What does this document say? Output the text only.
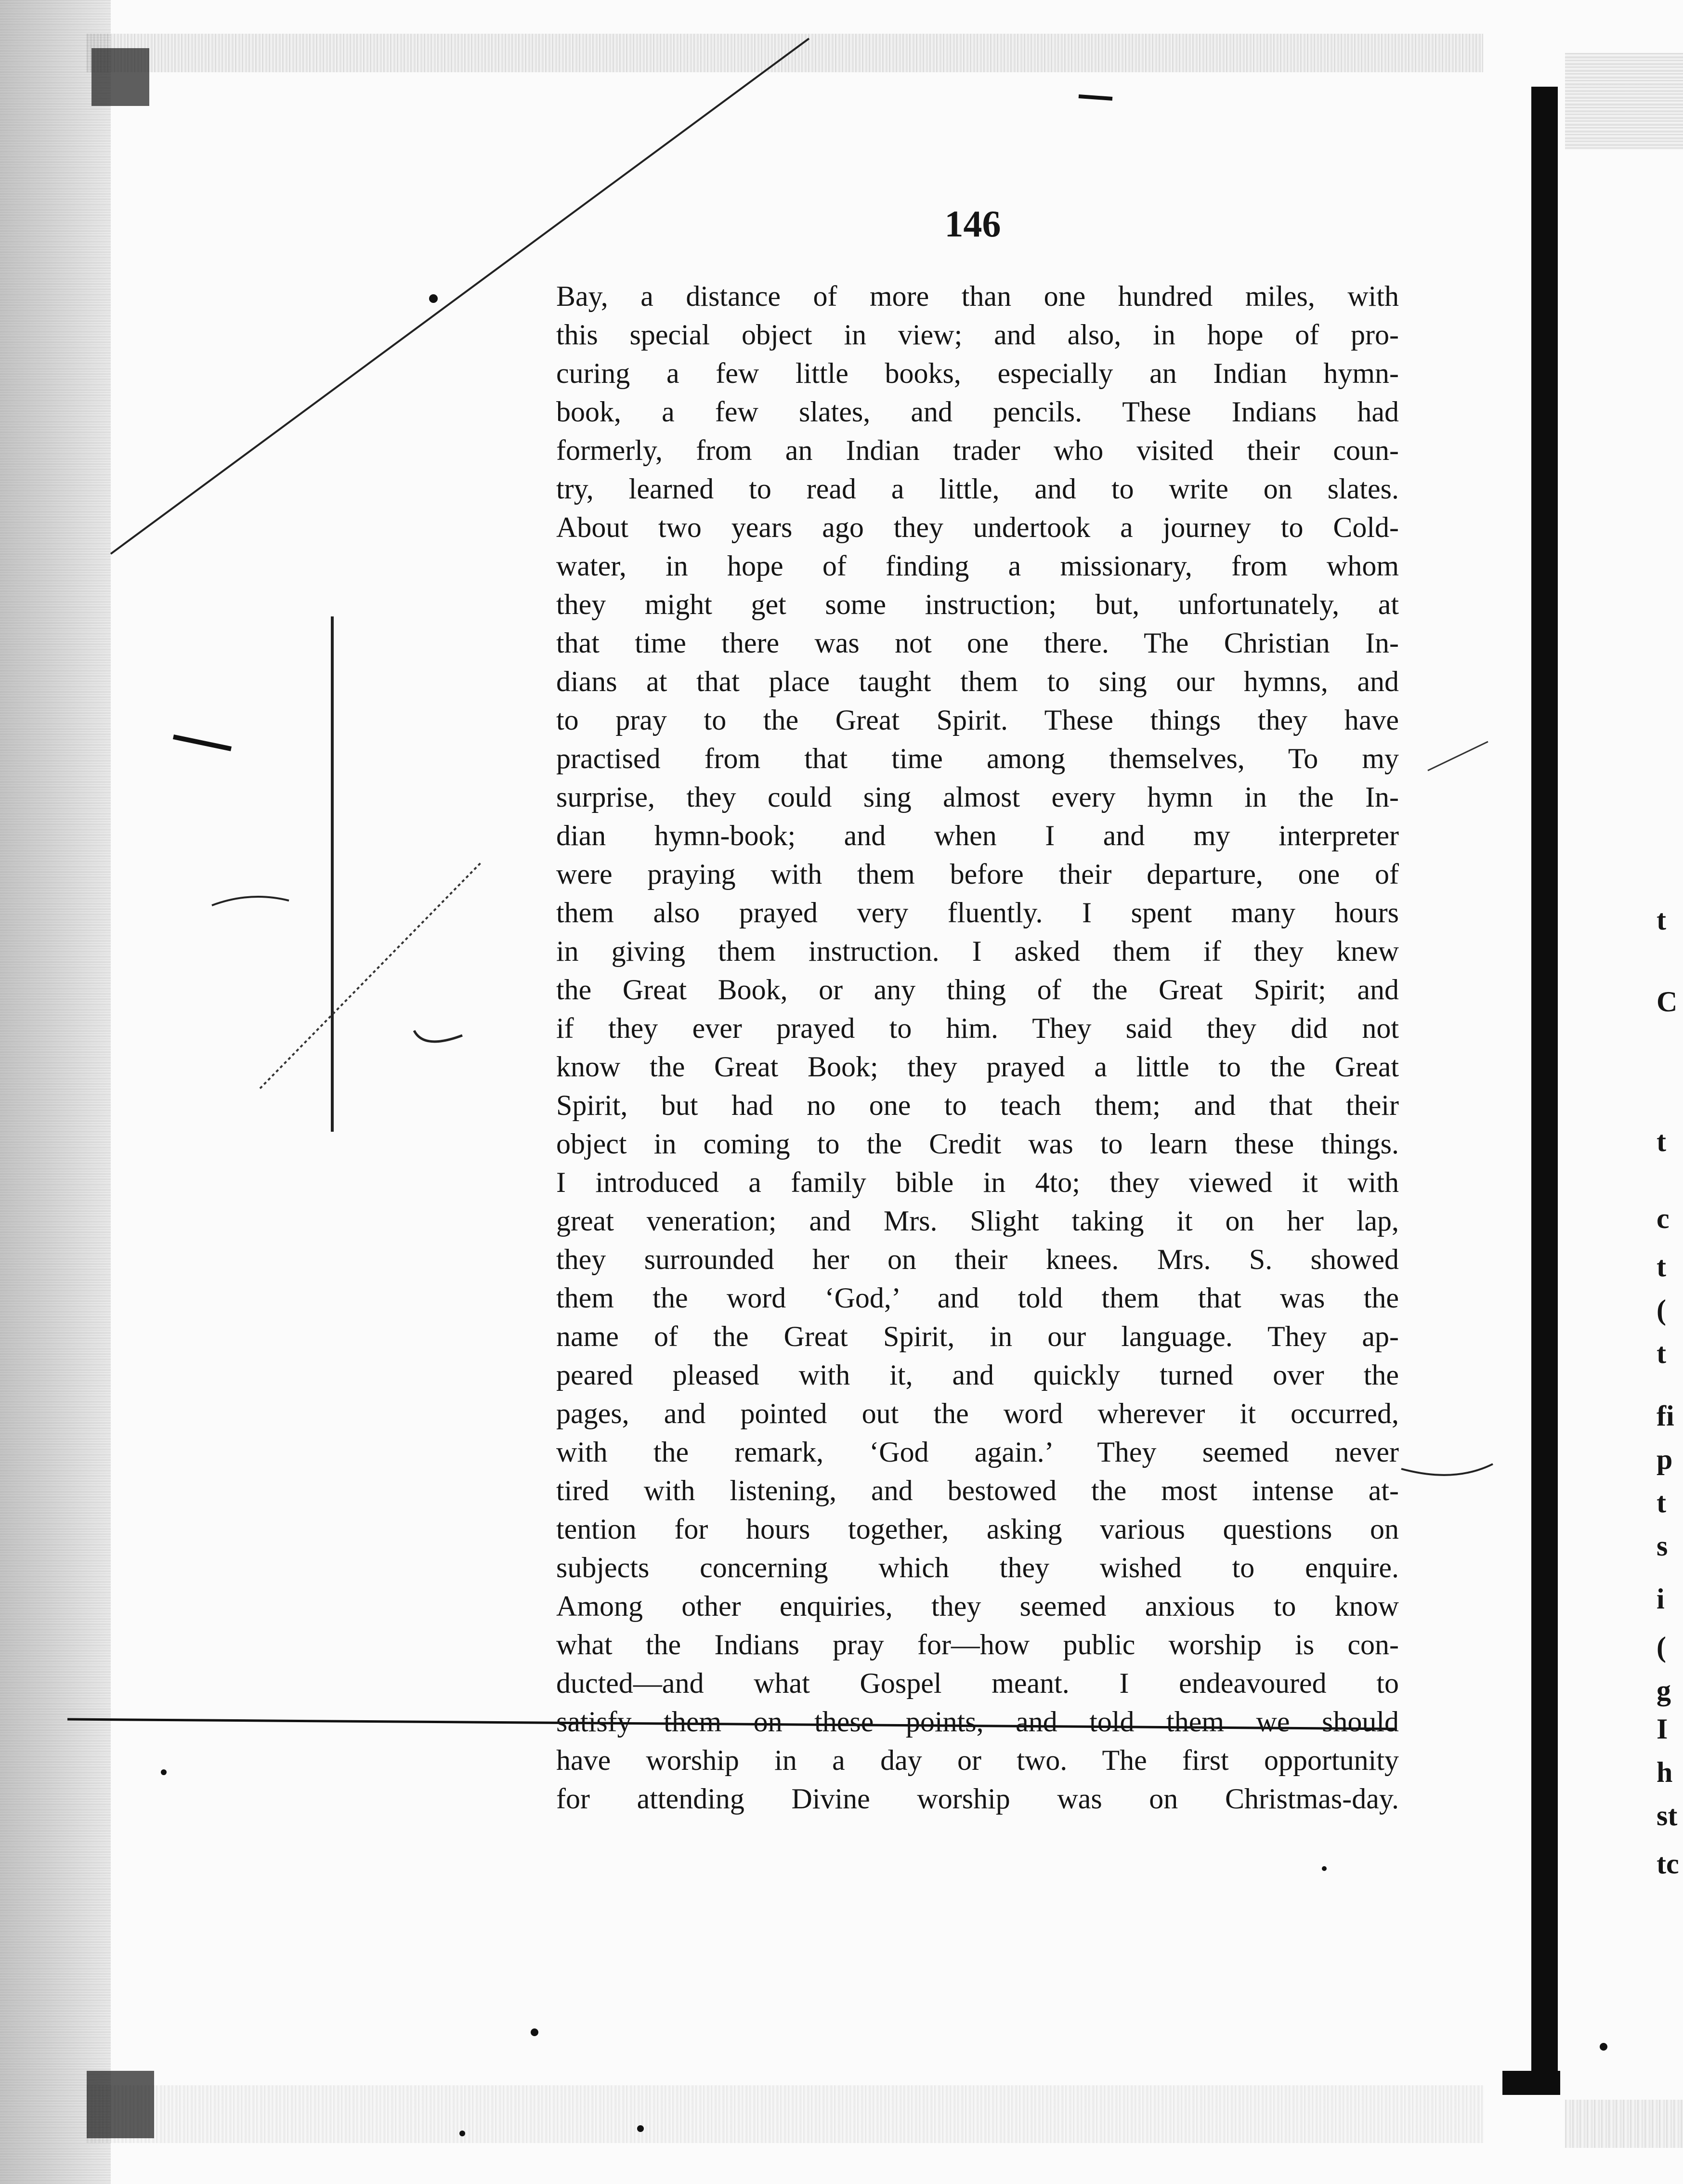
146
Bay, a distance of more than one hundred miles, with
this special object in view; and also, in hope of pro-
curing a few little books, especially an Indian hymn-
book, a few slates, and pencils. These Indians had
formerly, from an Indian trader who visited their coun-
try, learned to read a little, and to write on slates.
About two years ago they undertook a journey to Cold-
water, in hope of finding a missionary, from whom
they might get some instruction; but, unfortunately, at
that time there was not one there. The Christian In-
dians at that place taught them to sing our hymns, and
to pray to the Great Spirit. These things they have
practised from that time among themselves, To my
surprise, they could sing almost every hymn in the In-
dian hymn-book; and when I and my interpreter
were praying with them before their departure, one of
them also prayed very fluently. I spent many hours
in giving them instruction. I asked them if they knew
the Great Book, or any thing of the Great Spirit; and
if they ever prayed to him. They said they did not
know the Great Book; they prayed a little to the Great
Spirit, but had no one to teach them; and that their
object in coming to the Credit was to learn these things.
I introduced a family bible in 4to; they viewed it with
great veneration; and Mrs. Slight taking it on her lap,
they surrounded her on their knees. Mrs. S. showed
them the word ‘God,’ and told them that was the
name of the Great Spirit, in our language. They ap-
peared pleased with it, and quickly turned over the
pages, and pointed out the word wherever it occurred,
with the remark, ‘God again.’ They seemed never
tired with listening, and bestowed the most intense at-
tention for hours together, asking various questions on
subjects concerning which they wished to enquire.
Among other enquiries, they seemed anxious to know
what the Indians pray for—how public worship is con-
ducted—and what Gospel meant. I endeavoured to
satisfy them on these points, and told them we should
have worship in a day or two. The first opportunity
for attending Divine worship was on Christmas-day.
t
C
t
c
t
(
t
fi
p
t
s
i
(
g
I
h
st
tc
